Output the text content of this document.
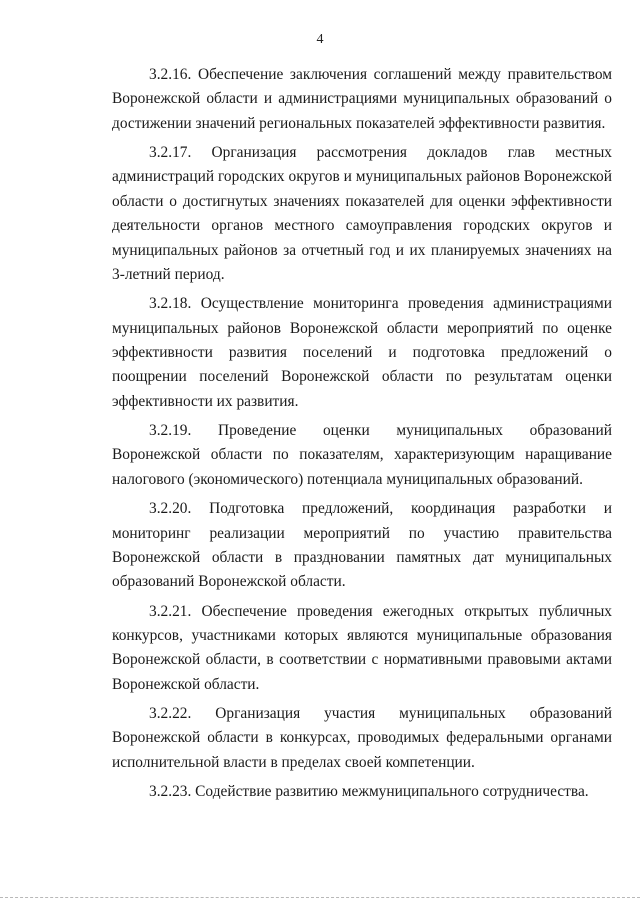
4

3.2.16. Обеспечение заключения соглашений между правительством Воронежской области и администрациями муниципальных образований о достижении значений региональных показателей эффективности развития.

3.2.17. Организация рассмотрения докладов глав местных администраций городских округов и муниципальных районов Воронежской области о достигнутых значениях показателей для оценки эффективности деятельности органов местного самоуправления городских округов и муниципальных районов за отчетный год и их планируемых значениях на 3-летний период.

3.2.18. Осуществление мониторинга проведения администрациями муниципальных районов Воронежской области мероприятий по оценке эффективности развития поселений и подготовка предложений о поощрении поселений Воронежской области по результатам оценки эффективности их развития.

3.2.19. Проведение оценки муниципальных образований Воронежской области по показателям, характеризующим наращивание налогового (экономического) потенциала муниципальных образований.

3.2.20. Подготовка предложений, координация разработки и мониторинг реализации мероприятий по участию правительства Воронежской области в праздновании памятных дат муниципальных образований Воронежской области.

3.2.21. Обеспечение проведения ежегодных открытых публичных конкурсов, участниками которых являются муниципальные образования Воронежской области, в соответствии с нормативными правовыми актами Воронежской области.

3.2.22. Организация участия муниципальных образований Воронежской области в конкурсах, проводимых федеральными органами исполнительной власти в пределах своей компетенции.

3.2.23. Содействие развитию межмуниципального сотрудничества.
